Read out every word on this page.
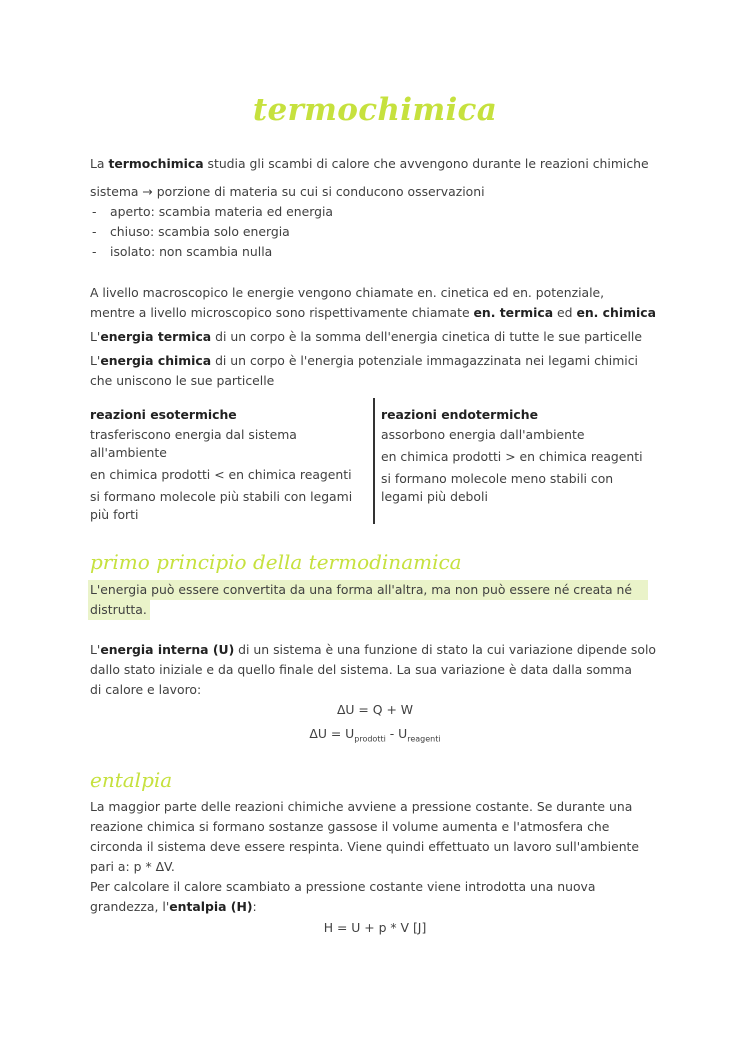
termochimica
La termochimica studia gli scambi di calore che avvengono durante le reazioni chimiche
sistema → porzione di materia su cui si conducono osservazioni
- aperto: scambia materia ed energia
- chiuso: scambia solo energia
- isolato: non scambia nulla
A livello macroscopico le energie vengono chiamate en. cinetica ed en. potenziale,
mentre a livello microscopico sono rispettivamente chiamate en. termica ed en. chimica
L'energia termica di un corpo è la somma dell'energia cinetica di tutte le sue particelle
L'energia chimica di un corpo è l'energia potenziale immagazzinata nei legami chimici
che uniscono le sue particelle
reazioni esotermiche
trasferiscono energia dal sistema all'ambiente
en chimica prodotti < en chimica reagenti
si formano molecole più stabili con legami più forti
reazioni endotermiche
assorbono energia dall'ambiente
en chimica prodotti > en chimica reagenti
si formano molecole meno stabili con legami più deboli
primo principio della termodinamica
L'energia può essere convertita da una forma all'altra, ma non può essere né creata né
distrutta.
L'energia interna (U) di un sistema è una funzione di stato la cui variazione dipende solo
dallo stato iniziale e da quello finale del sistema. La sua variazione è data dalla somma
di calore e lavoro:
ΔU = Q + W
$\Delta U = U_{prodotti} - U_{reagenti}$
entalpia
La maggior parte delle reazioni chimiche avviene a pressione costante. Se durante una
reazione chimica si formano sostanze gassose il volume aumenta e l'atmosfera che
circonda il sistema deve essere respinta. Viene quindi effettuato un lavoro sull'ambiente
pari a: p * ΔV.
Per calcolare il calore scambiato a pressione costante viene introdotta una nuova
grandezza, l'entalpia (H):
H = U + p * V [J]
